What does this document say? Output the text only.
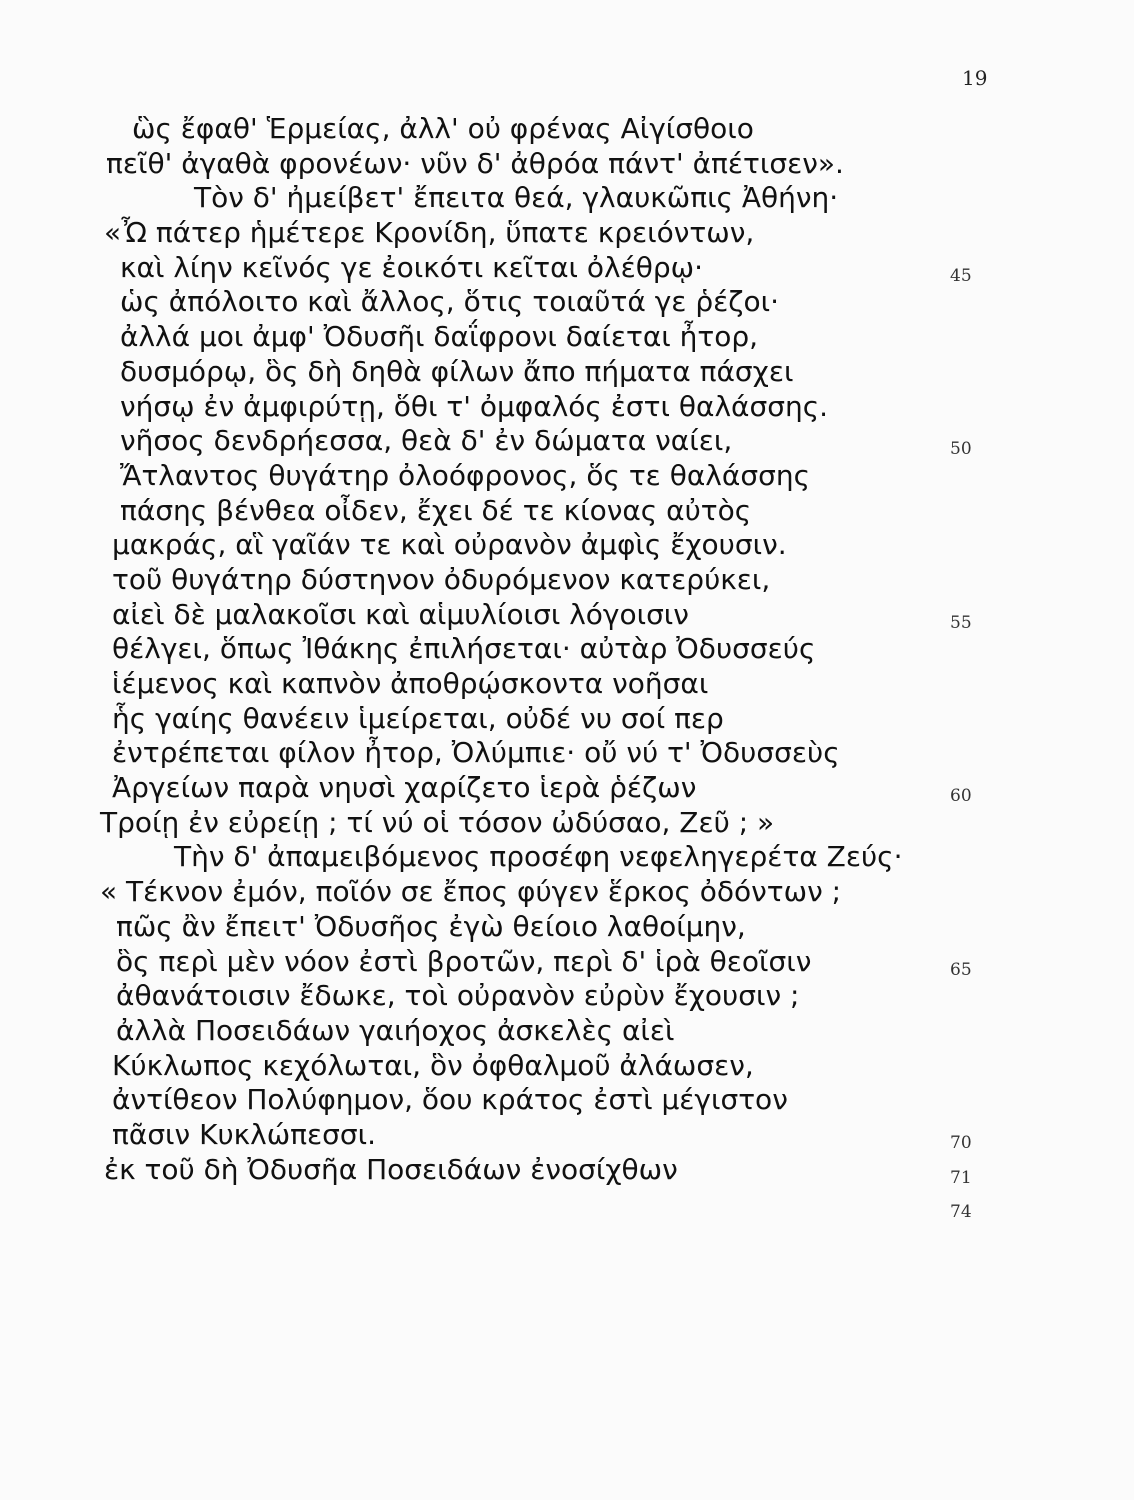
19
ὣς ἔφαθ' Ἑρμείας, ἀλλ' οὐ φρένας Αἰγίσθοιο
πεῖθ' ἀγαθὰ φρονέων· νῦν δ' ἀθρόα πάντ' ἀπέτισεν».
Τὸν δ' ἠμείβετ' ἔπειτα θεά, γλαυκῶπις Ἀθήνη·
«Ὦ πάτερ ἡμέτερε Κρονίδη, ὕπατε κρειόντων,
καὶ λίην κεῖνός γε ἐοικότι κεῖται ὀλέθρῳ·	45
ὡς ἀπόλοιτο καὶ ἄλλος, ὅτις τοιαῦτά γε ῥέζοι·
ἀλλά μοι ἀμφ' Ὀδυσῆι δαΐφρονι δαίεται ἦτορ,
δυσμόρῳ, ὃς δὴ δηθὰ φίλων ἄπο πήματα πάσχει
νήσῳ ἐν ἀμφιρύτῃ, ὅθι τ' ὀμφαλός ἐστι θαλάσσης.
νῆσος δενδρήεσσα, θεὰ δ' ἐν δώματα ναίει,	50
Ἄτλαντος θυγάτηρ ὀλοόφρονος, ὅς τε θαλάσσης
πάσης βένθεα οἶδεν, ἔχει δέ τε κίονας αὐτὸς
μακράς, αἳ γαῖάν τε καὶ οὐρανὸν ἀμφὶς ἔχουσιν.
τοῦ θυγάτηρ δύστηνον ὀδυρόμενον κατερύκει,
αἰεὶ δὲ μαλακοῖσι καὶ αἱμυλίοισι λόγοισιν	55
θέλγει, ὅπως Ἰθάκης ἐπιλήσεται· αὐτὰρ Ὀδυσσεύς
ἱέμενος καὶ καπνὸν ἀποθρῴσκοντα νοῆσαι
ἧς γαίης θανέειν ἱμείρεται, οὐδέ νυ σοί περ
ἐντρέπεται φίλον ἦτορ, Ὀλύμπιε· οὔ νύ τ' Ὀδυσσεὺς
Ἀργείων παρὰ νηυσὶ χαρίζετο ἱερὰ ῥέζων	60
Τροίῃ ἐν εὐρείῃ ; τί νύ οἱ τόσον ὠδύσαο, Ζεῦ ; »
Τὴν δ' ἀπαμειβόμενος προσέφη νεφεληγερέτα Ζεύς·
« Τέκνον ἐμόν, ποῖόν σε ἔπος φύγεν ἕρκος ὀδόντων ;
πῶς ἂν ἔπειτ' Ὀδυσῆος ἐγὼ θείοιο λαθοίμην,
ὃς περὶ μὲν νόον ἐστὶ βροτῶν, περὶ δ' ἱρὰ θεοῖσιν	65
ἀθανάτοισιν ἔδωκε, τοὶ οὐρανὸν εὐρὺν ἔχουσιν ;
ἀλλὰ Ποσειδάων γαιήοχος ἀσκελὲς αἰεὶ
Κύκλωπος κεχόλωται, ὃν ὀφθαλμοῦ ἀλάωσεν,
ἀντίθεον Πολύφημον, ὅου κράτος ἐστὶ μέγιστον
πᾶσιν Κυκλώπεσσι.	70
ἐκ τοῦ δὴ Ὀδυσῆα Ποσειδάων ἐνοσίχθων	71
74
